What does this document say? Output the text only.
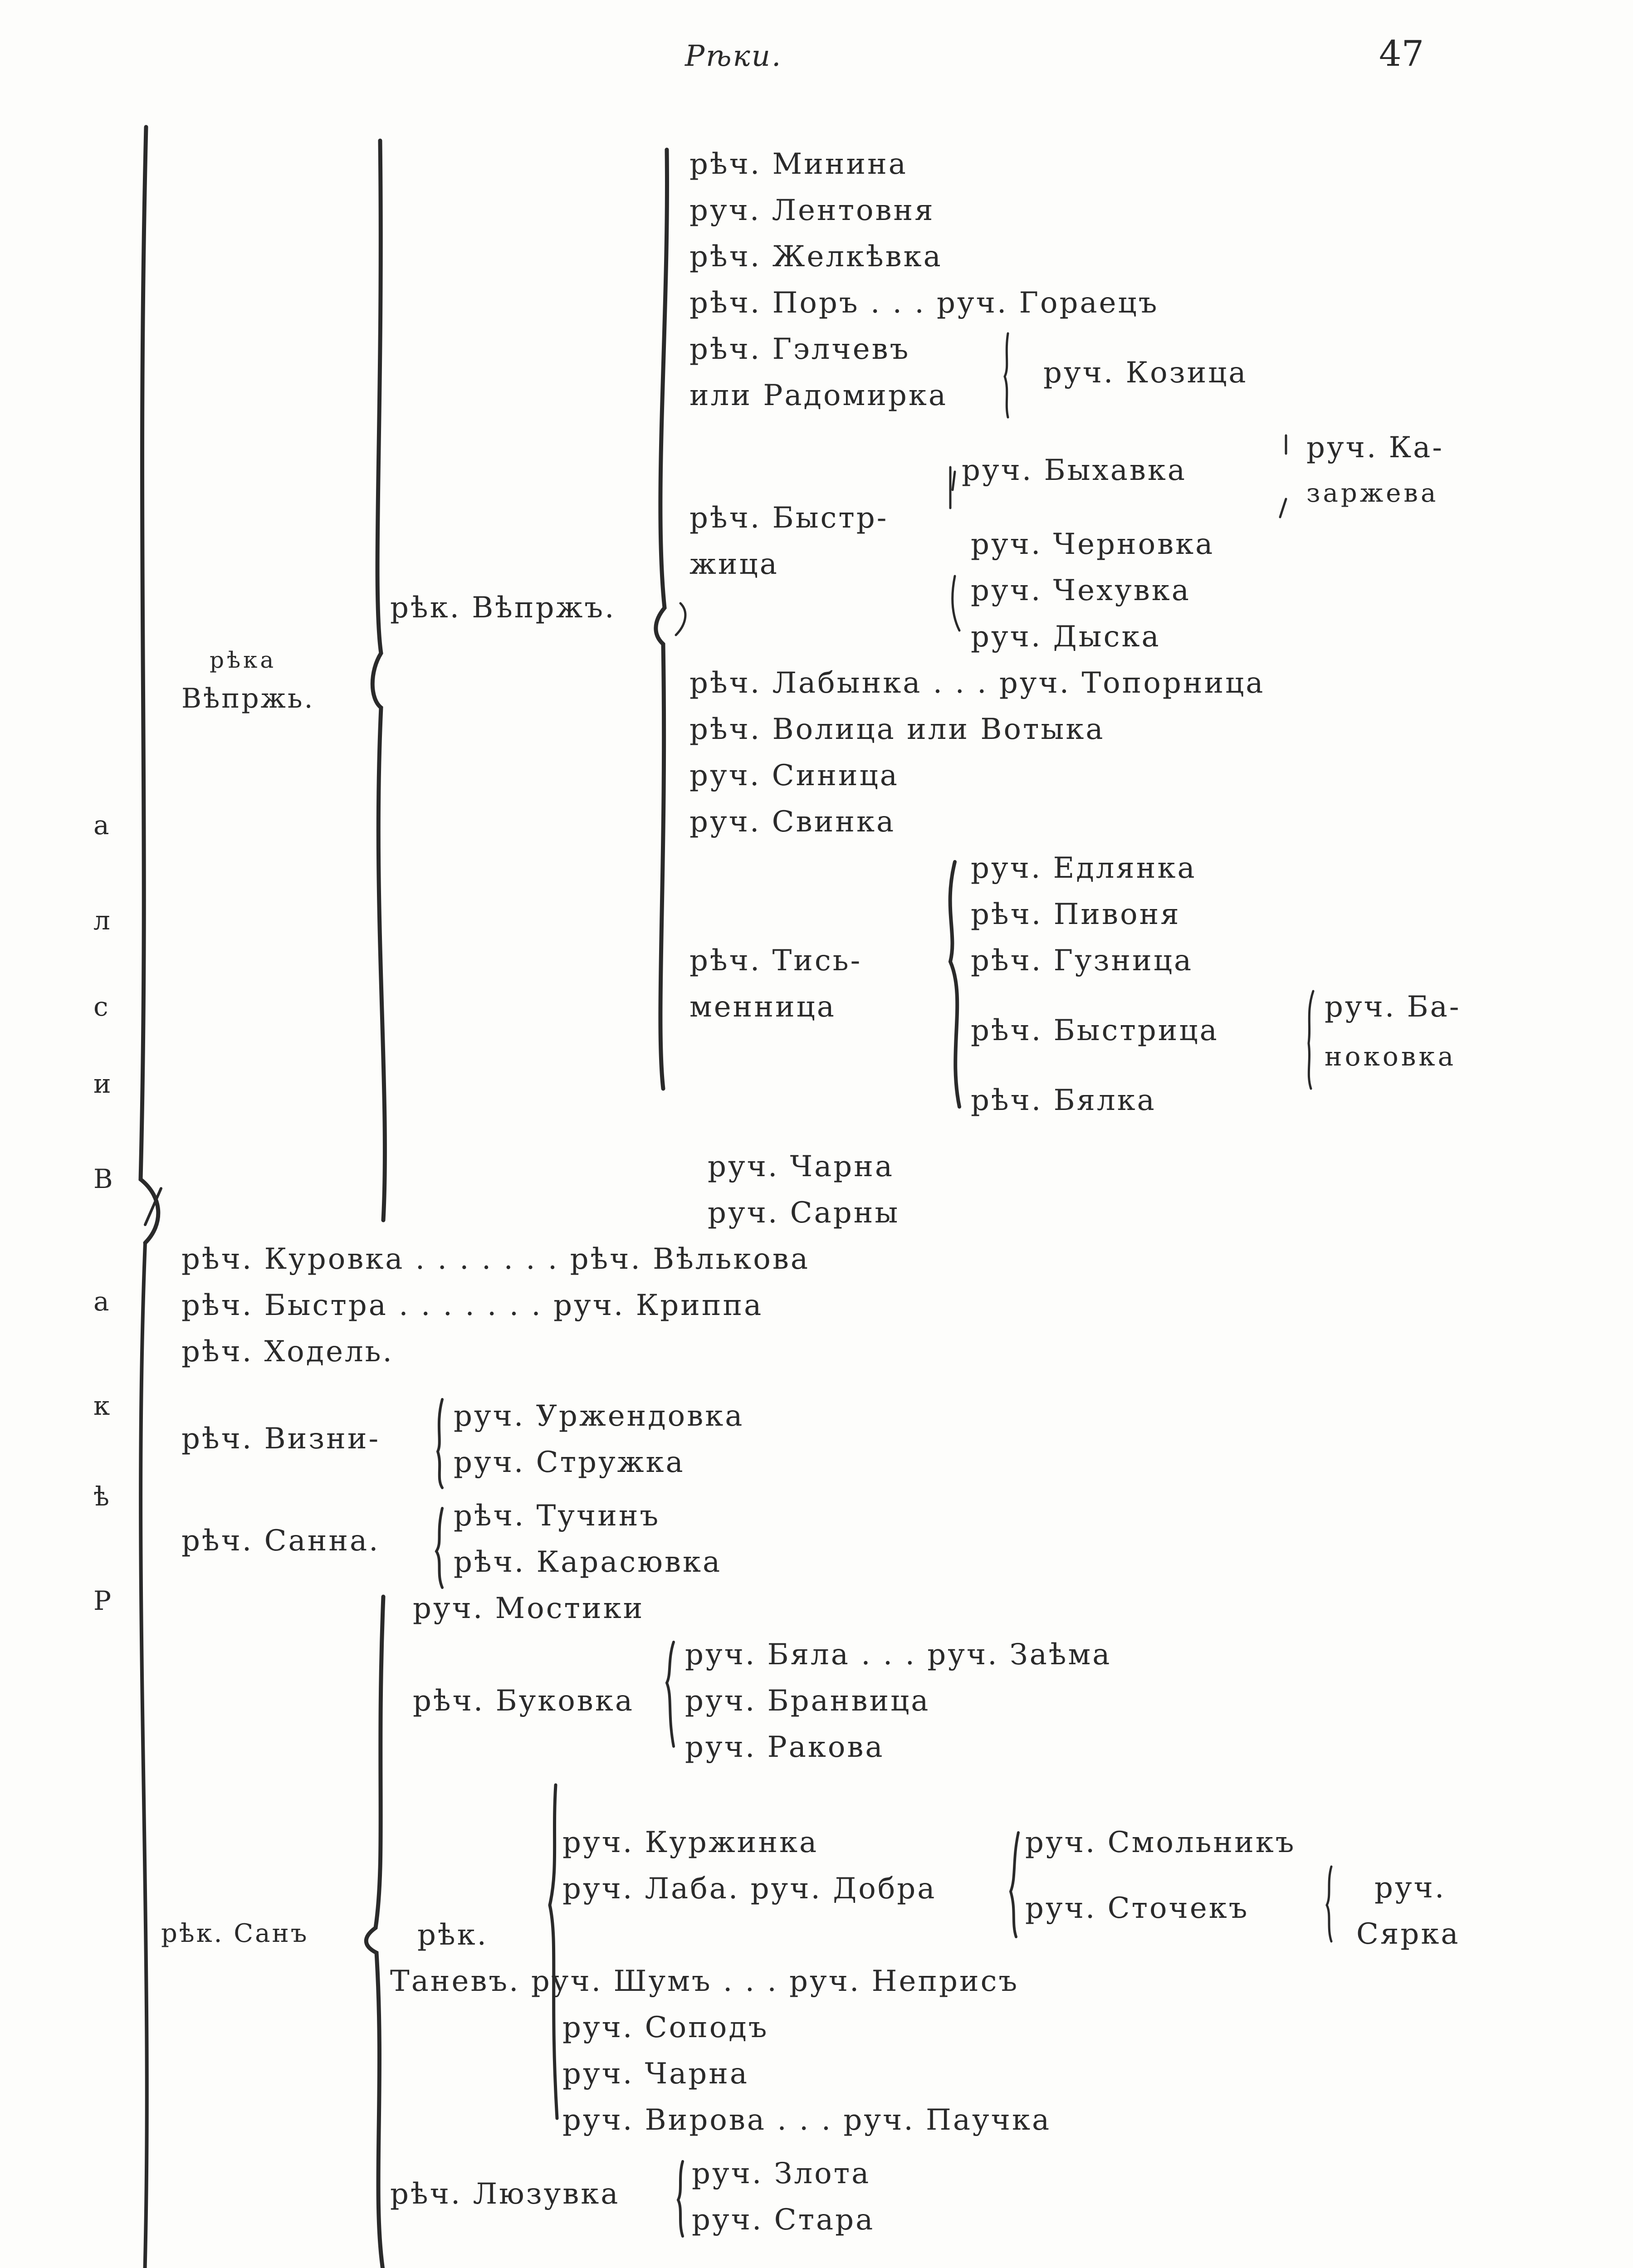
Рѣки.	47
Р
ѣ
к
а
В
и
с
л
а
рѣка
Вѣпржь.
рѣк. Вѣпржъ.
рѣч. Минина
руч. Лентовня
рѣч. Желкѣвка
рѣч. Поръ . . . руч. Горaецъ
рѣч. Гэлчевъ
или Радомирка
руч. Козица
руч. Быхавка
руч. Ка-
заржева
рѣч. Быстр-
жица
руч. Черновка
руч. Чехувка
руч. Дыска
рѣч. Лабынка . . . руч. Топорница
рѣч. Волица или Вотыка
руч. Синица
руч. Свинка
руч. Едлянка
рѣч. Пивоня
рѣч. Тись-
менница
рѣч. Гузница
рѣч. Быстрица
руч. Ба-
ноковка
рѣч. Бялка
руч. Чарна
руч. Сарны
рѣч. Куровка . . . . . . . рѣч. Вѣлькова
рѣч. Быстра . . . . . . . руч. Криппа
рѣч. Ходель.
рѣч. Визни-
руч. Уржендовка
руч. Стружка
рѣч. Санна.
рѣч. Тучинъ
рѣч. Карасювка
рѣк. Санъ
руч. Мостики
руч. Бяла . . . руч. Заѣма
рѣч. Буковка руч. Бранвица
руч. Ракова
руч. Куржинка	руч. Смольникъ
руч. Лаба. руч. Добра
руч. Сточекъ
руч.
Сярка
рѣк.
Таневъ. руч. Шумъ . . . руч. Неприсъ
руч. Соподъ
руч. Чарна
руч. Вирова . . . руч. Паучка
рѣч. Люзувка
руч. Злота
руч. Стара
